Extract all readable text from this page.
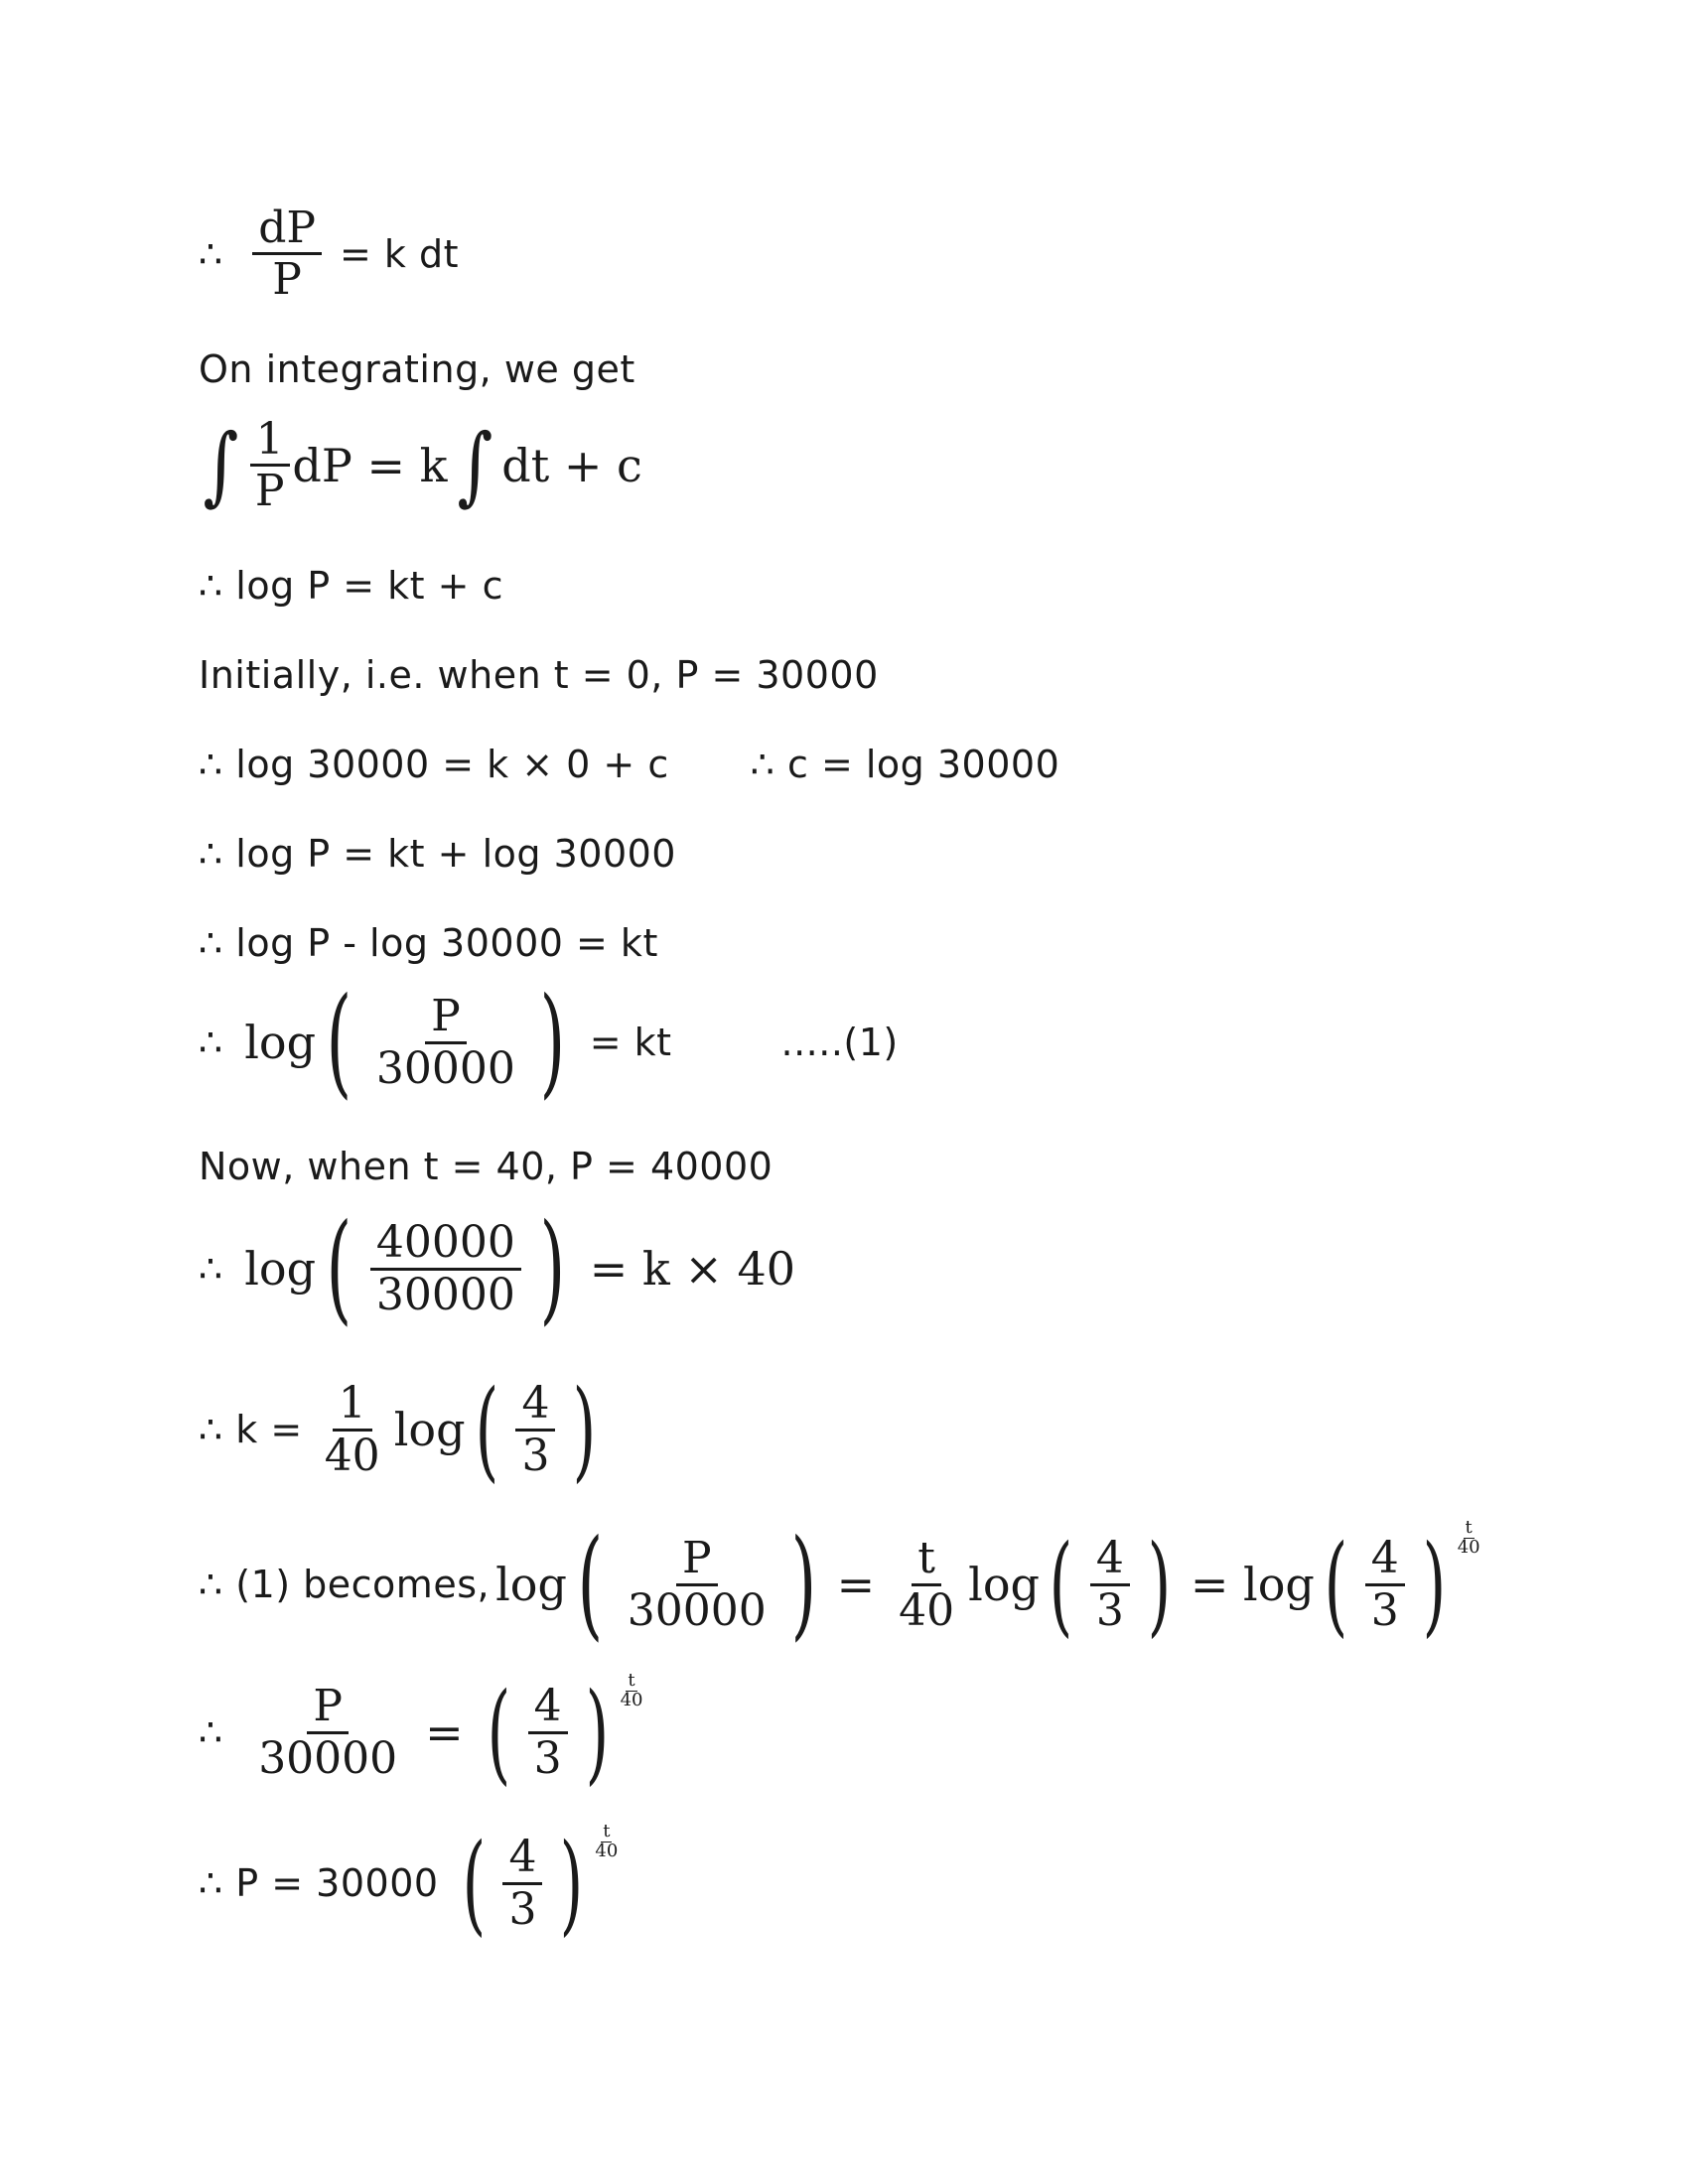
∴ $\frac{dP}{P} = k$ dt
On integrating, we get
∫ $\frac{1}{P}$ dP = k ∫ dt + c
∴ log P = kt + c
Initially, i.e. when t = 0, P = 30000
∴ log 30000 = k × 0 + c ∴ c = log 30000
∴ log P = kt + log 30000
∴ log P - log 30000 = kt
∴ log ( $\frac{P}{30000}$ ) = kt	.....(1)
Now, when t = 40, P = 40000
∴ log ( $\frac{40000}{30000}$ ) = k × 40
∴ $k = \frac{1}{40}$ log ( $\frac{4}{3}$ )
∴ (1) becomes, log ( $\frac{P}{30000}$ ) = $\frac{t}{40}$ log ( $\frac{4}{3}$ ) = log ( $\frac{4}{3}$ ) $\frac{t}{40}$
∴ $\frac{P}{30000}$ = ( $\frac{4}{3}$ ) $\frac{t}{40}$
∴ P = 30000 ( $\frac{4}{3}$ ) $\frac{t}{40}$
